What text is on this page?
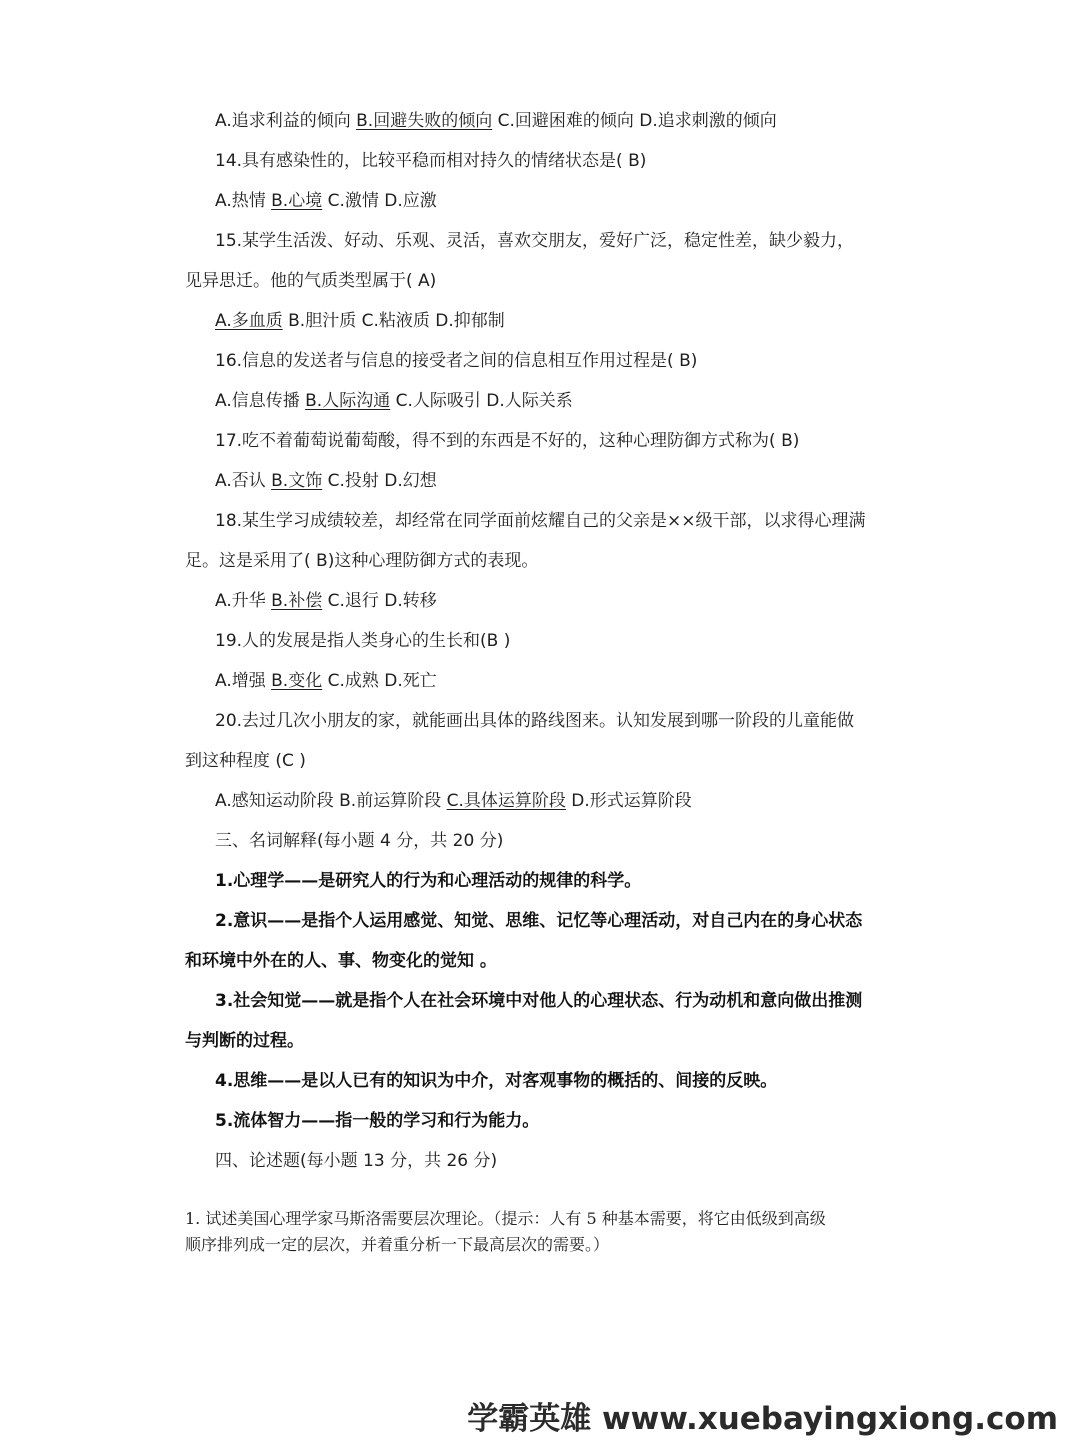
A.追求利益的倾向 B.回避失败的倾向 C.回避困难的倾向 D.追求刺激的倾向
14.具有感染性的，比较平稳而相对持久的情绪状态是( B)
A.热情 B.心境 C.激情 D.应激
15.某学生活泼、好动、乐观、灵活，喜欢交朋友，爱好广泛，稳定性差，缺少毅力，
见异思迁。他的气质类型属于( A)
A.多血质 B.胆汁质 C.粘液质 D.抑郁制
16.信息的发送者与信息的接受者之间的信息相互作用过程是( B)
A.信息传播 B.人际沟通 C.人际吸引 D.人际关系
17.吃不着葡萄说葡萄酸，得不到的东西是不好的，这种心理防御方式称为( B)
A.否认 B.文饰 C.投射 D.幻想
18.某生学习成绩较差，却经常在同学面前炫耀自己的父亲是××级干部，以求得心理满
足。这是采用了( B)这种心理防御方式的表现。
A.升华 B.补偿 C.退行 D.转移
19.人的发展是指人类身心的生长和(B )
A.增强 B.变化 C.成熟 D.死亡
20.去过几次小朋友的家，就能画出具体的路线图来。认知发展到哪一阶段的儿童能做
到这种程度 (C )
A.感知运动阶段 B.前运算阶段 C.具体运算阶段 D.形式运算阶段
三、名词解释(每小题 4 分，共 20 分)
1.心理学——是研究人的行为和心理活动的规律的科学。
2.意识——是指个人运用感觉、知觉、思维、记忆等心理活动，对自己内在的身心状态
和环境中外在的人、事、物变化的觉知 。
3.社会知觉——就是指个人在社会环境中对他人的心理状态、行为动机和意向做出推测
与判断的过程。
4.思维——是以人已有的知识为中介，对客观事物的概括的、间接的反映。
5.流体智力——指一般的学习和行为能力。
四、论述题(每小题 13 分，共 26 分)
1. 试述美国心理学家马斯洛需要层次理论。（提示：人有 5 种基本需要，将它由低级到高级
顺序排列成一定的层次，并着重分析一下最高层次的需要。）
学霸英雄 www.xuebayingxiong.com
